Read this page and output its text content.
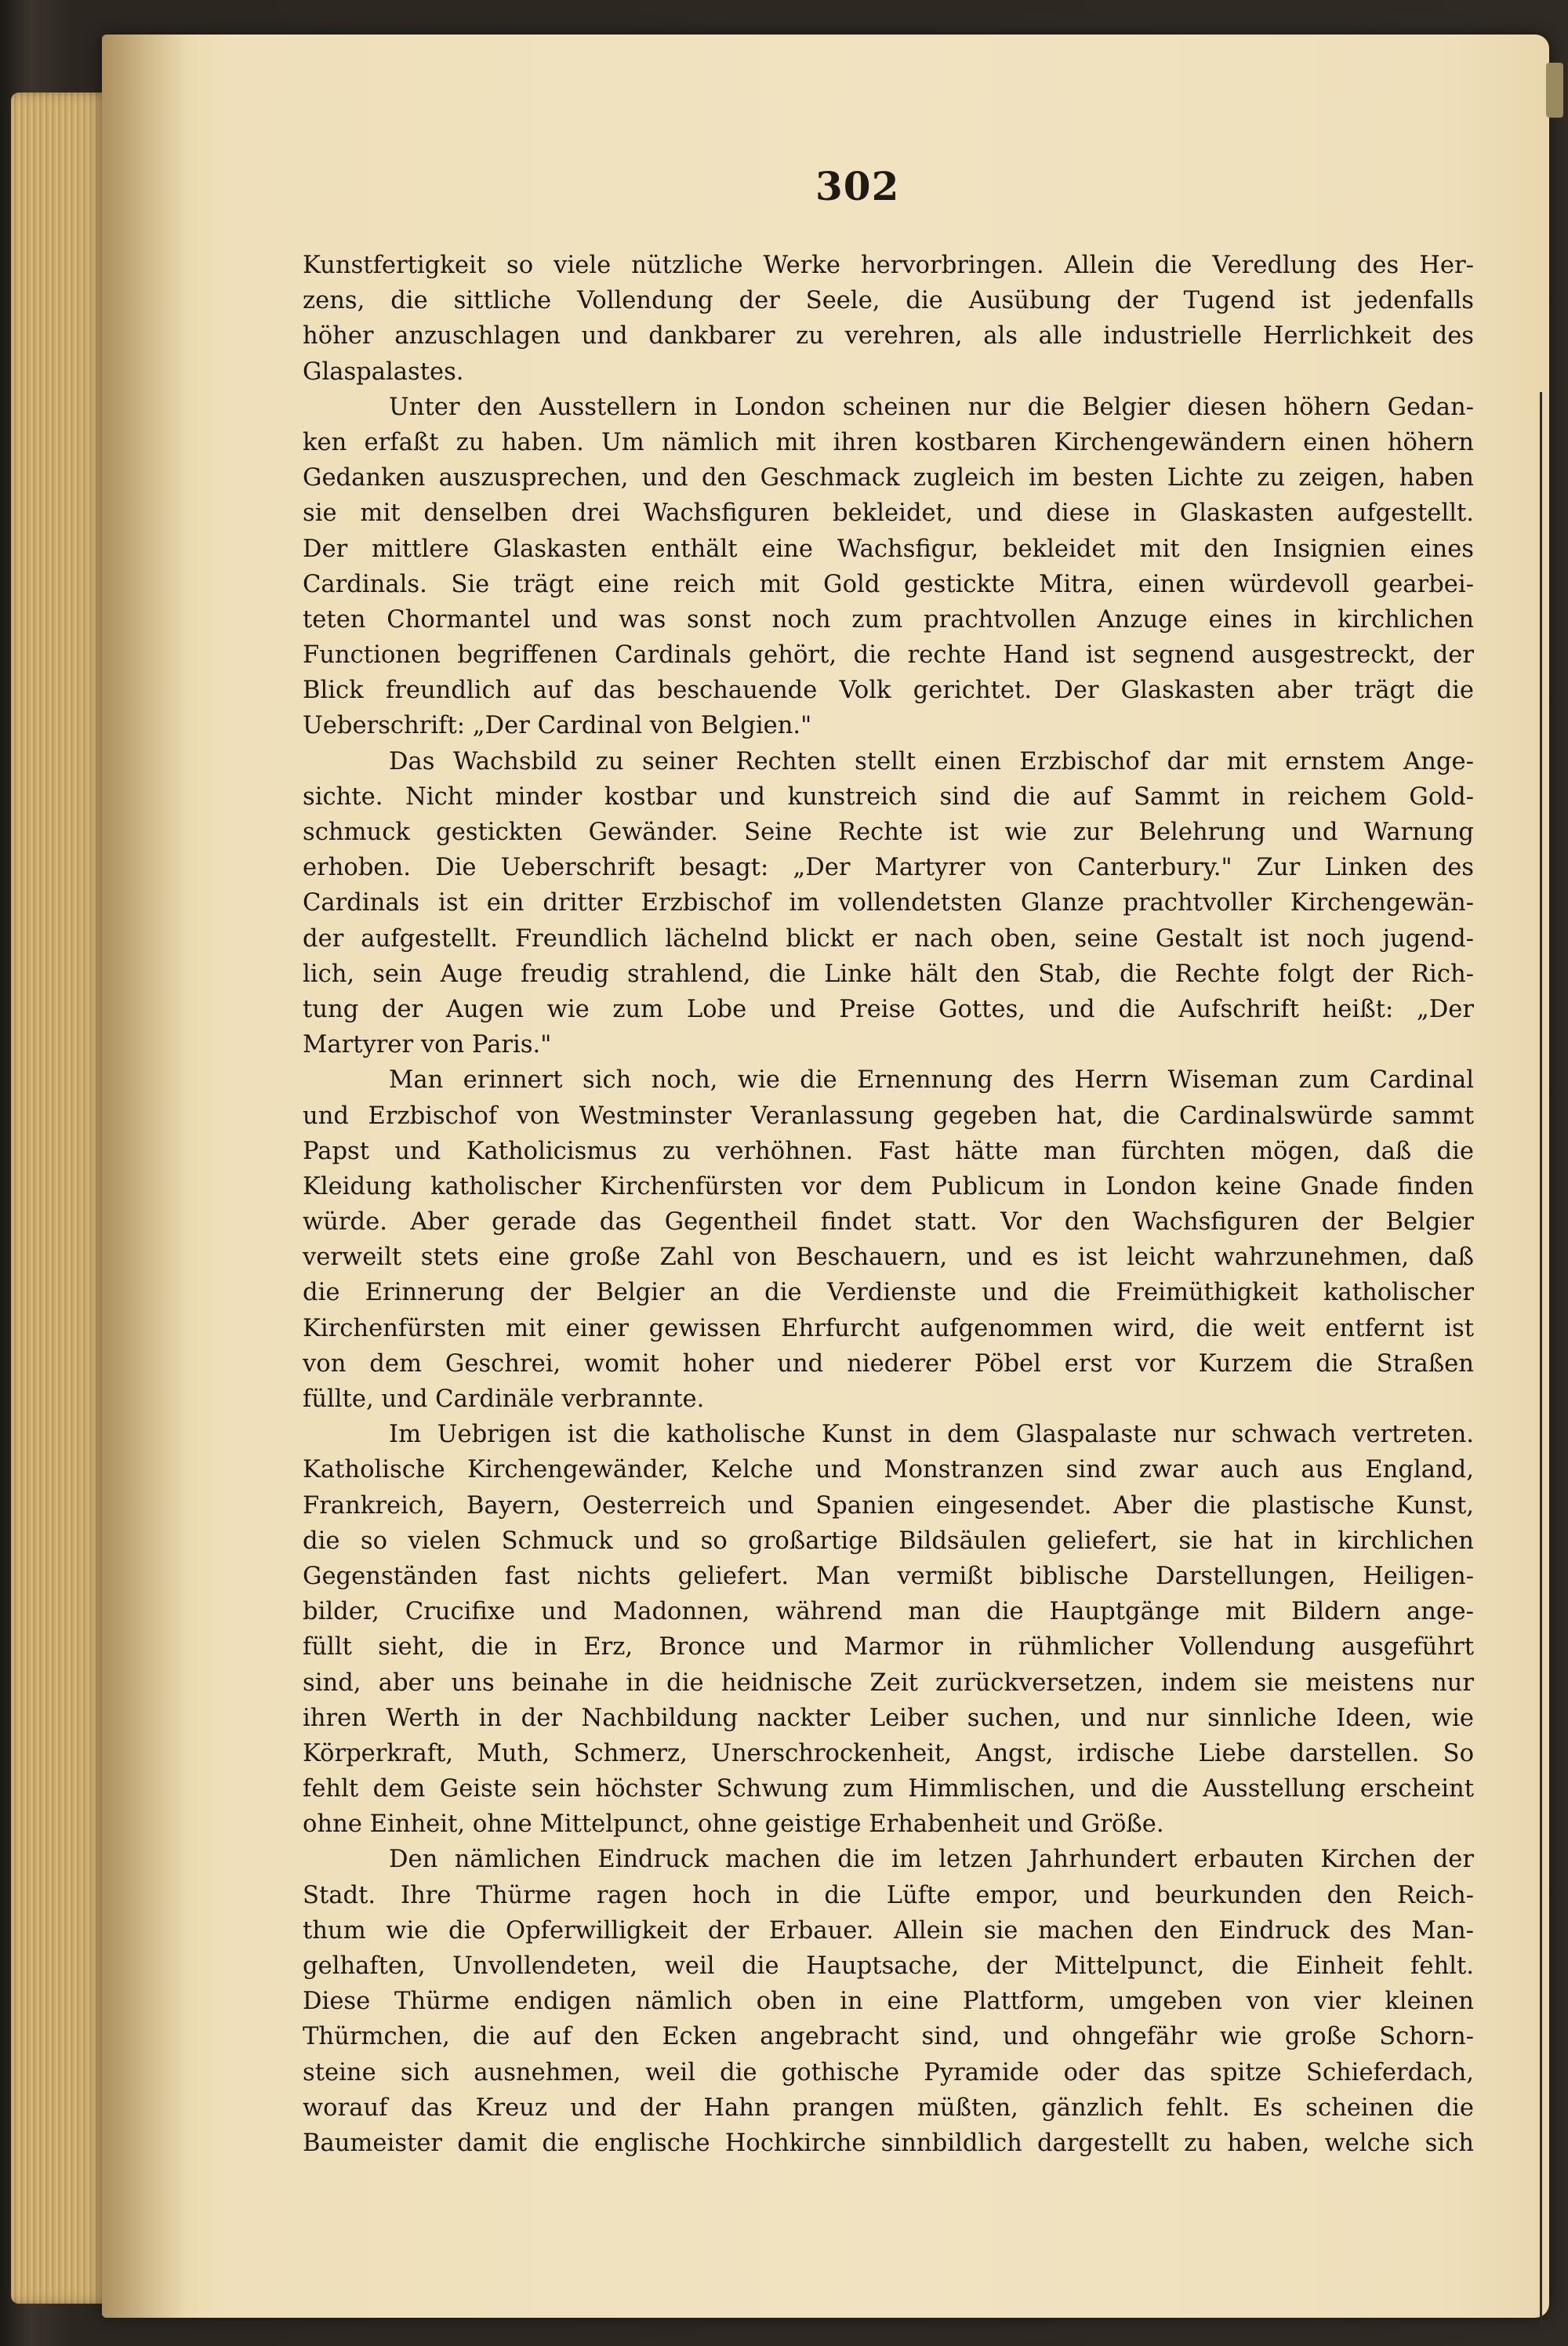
302
Kunstfertigkeit so viele nützliche Werke hervorbringen. Allein die Veredlung des Her-
zens, die sittliche Vollendung der Seele, die Ausübung der Tugend ist jedenfalls
höher anzuschlagen und dankbarer zu verehren, als alle industrielle Herrlichkeit des
Glaspalastes.
Unter den Ausstellern in London scheinen nur die Belgier diesen höhern Gedan-
ken erfaßt zu haben. Um nämlich mit ihren kostbaren Kirchengewändern einen höhern
Gedanken auszusprechen, und den Geschmack zugleich im besten Lichte zu zeigen, haben
sie mit denselben drei Wachsfiguren bekleidet, und diese in Glaskasten aufgestellt.
Der mittlere Glaskasten enthält eine Wachsfigur, bekleidet mit den Insignien eines
Cardinals. Sie trägt eine reich mit Gold gestickte Mitra, einen würdevoll gearbei-
teten Chormantel und was sonst noch zum prachtvollen Anzuge eines in kirchlichen
Functionen begriffenen Cardinals gehört, die rechte Hand ist segnend ausgestreckt, der
Blick freundlich auf das beschauende Volk gerichtet. Der Glaskasten aber trägt die
Ueberschrift: „Der Cardinal von Belgien."
Das Wachsbild zu seiner Rechten stellt einen Erzbischof dar mit ernstem Ange-
sichte. Nicht minder kostbar und kunstreich sind die auf Sammt in reichem Gold-
schmuck gestickten Gewänder. Seine Rechte ist wie zur Belehrung und Warnung
erhoben. Die Ueberschrift besagt: „Der Martyrer von Canterbury." Zur Linken des
Cardinals ist ein dritter Erzbischof im vollendetsten Glanze prachtvoller Kirchengewän-
der aufgestellt. Freundlich lächelnd blickt er nach oben, seine Gestalt ist noch jugend-
lich, sein Auge freudig strahlend, die Linke hält den Stab, die Rechte folgt der Rich-
tung der Augen wie zum Lobe und Preise Gottes, und die Aufschrift heißt: „Der
Martyrer von Paris."
Man erinnert sich noch, wie die Ernennung des Herrn Wiseman zum Cardinal
und Erzbischof von Westminster Veranlassung gegeben hat, die Cardinalswürde sammt
Papst und Katholicismus zu verhöhnen. Fast hätte man fürchten mögen, daß die
Kleidung katholischer Kirchenfürsten vor dem Publicum in London keine Gnade finden
würde. Aber gerade das Gegentheil findet statt. Vor den Wachsfiguren der Belgier
verweilt stets eine große Zahl von Beschauern, und es ist leicht wahrzunehmen, daß
die Erinnerung der Belgier an die Verdienste und die Freimüthigkeit katholischer
Kirchenfürsten mit einer gewissen Ehrfurcht aufgenommen wird, die weit entfernt ist
von dem Geschrei, womit hoher und niederer Pöbel erst vor Kurzem die Straßen
füllte, und Cardinäle verbrannte.
Im Uebrigen ist die katholische Kunst in dem Glaspalaste nur schwach vertreten.
Katholische Kirchengewänder, Kelche und Monstranzen sind zwar auch aus England,
Frankreich, Bayern, Oesterreich und Spanien eingesendet. Aber die plastische Kunst,
die so vielen Schmuck und so großartige Bildsäulen geliefert, sie hat in kirchlichen
Gegenständen fast nichts geliefert. Man vermißt biblische Darstellungen, Heiligen-
bilder, Crucifixe und Madonnen, während man die Hauptgänge mit Bildern ange-
füllt sieht, die in Erz, Bronce und Marmor in rühmlicher Vollendung ausgeführt
sind, aber uns beinahe in die heidnische Zeit zurückversetzen, indem sie meistens nur
ihren Werth in der Nachbildung nackter Leiber suchen, und nur sinnliche Ideen, wie
Körperkraft, Muth, Schmerz, Unerschrockenheit, Angst, irdische Liebe darstellen. So
fehlt dem Geiste sein höchster Schwung zum Himmlischen, und die Ausstellung erscheint
ohne Einheit, ohne Mittelpunct, ohne geistige Erhabenheit und Größe.
Den nämlichen Eindruck machen die im letzen Jahrhundert erbauten Kirchen der
Stadt. Ihre Thürme ragen hoch in die Lüfte empor, und beurkunden den Reich-
thum wie die Opferwilligkeit der Erbauer. Allein sie machen den Eindruck des Man-
gelhaften, Unvollendeten, weil die Hauptsache, der Mittelpunct, die Einheit fehlt.
Diese Thürme endigen nämlich oben in eine Plattform, umgeben von vier kleinen
Thürmchen, die auf den Ecken angebracht sind, und ohngefähr wie große Schorn-
steine sich ausnehmen, weil die gothische Pyramide oder das spitze Schieferdach,
worauf das Kreuz und der Hahn prangen müßten, gänzlich fehlt. Es scheinen die
Baumeister damit die englische Hochkirche sinnbildlich dargestellt zu haben, welche sich
